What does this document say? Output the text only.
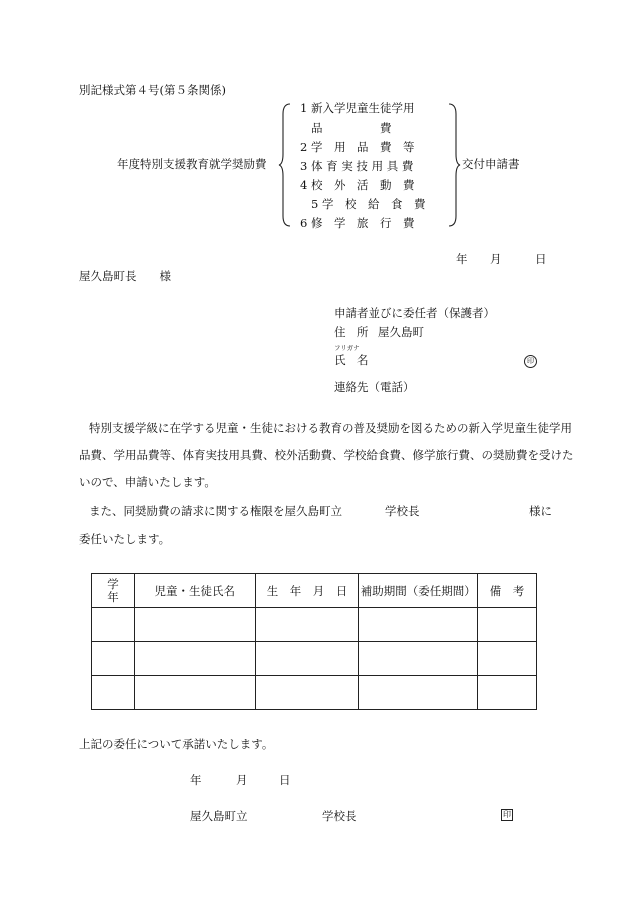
別記様式第４号(第５条関係)
年度特別支援教育就学奨励費
1 新入学児童生徒学用
品　　　　　費
2 学　用　品　費　等
3 体 育 実 技 用 具 費
4 校　外　活　動　費
5 学　校　給　食　費
6 修　学　旅　行　費
交付申請書
年 月	日
屋久島町長　　様
申請者並びに委任者（保護者）
住　所 屋久島町
フリガナ
氏　名	印
連絡先（電話）
特別支援学級に在学する児童・生徒における教育の普及奨励を図るための新入学児童生徒学用
品費、学用品費等、体育実技用具費、校外活動費、学校給食費、修学旅行費、の奨励費を受けた
いので、申請いたします。
また、同奨励費の請求に関する権限を屋久島町立	学校長	様に
委任いたします。
学年	児童・生徒氏名	生　年　月　日	補助期間（委任期間）	備　考

上記の委任について承諾いたします。
年	月	日
屋久島町立	学校長	印
